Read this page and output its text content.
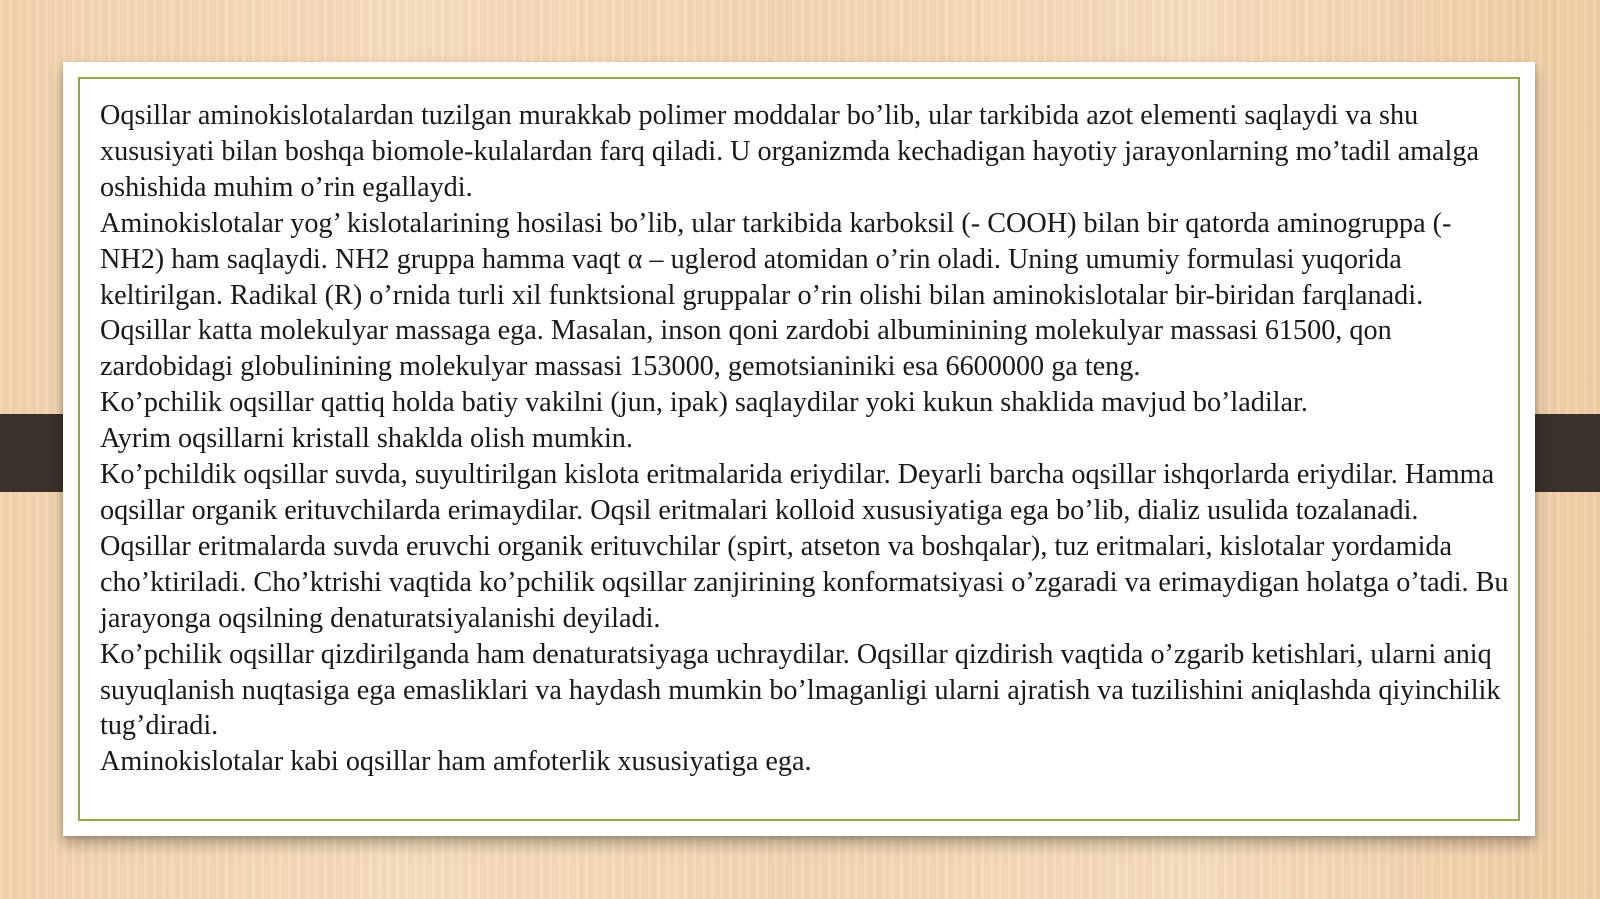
Oqsillar aminokislotalardan tuzilgan murakkab polimer moddalar bo’lib, ular tarkibida azot elementi saqlaydi va shu xususiyati bilan boshqa biomole-kulalardan farq qiladi. U organizmda kechadigan hayotiy jarayonlarning mo’tadil amalga oshishida muhim o’rin egallaydi.

Aminokislotalar yog’ kislotalarining hosilasi bo’lib, ular tarkibida karboksil (- COOH) bilan bir qatorda aminogruppa (- NH2) ham saqlaydi. NH2 gruppa hamma vaqt α – uglerod atomidan o’rin oladi. Uning umumiy formulasi yuqorida keltirilgan. Radikal (R) o’rnida turli xil funktsional gruppalar o’rin olishi bilan aminokislotalar bir-biridan farqlanadi.

Oqsillar katta molekulyar massaga ega. Masalan, inson qoni zardobi albuminining molekulyar massasi 61500, qon zardobidagi globulinining molekulyar massasi 153000, gemotsianiniki esa 6600000 ga teng.

Ko’pchilik oqsillar qattiq holda batiy vakilni (jun, ipak) saqlaydilar yoki kukun shaklida mavjud bo’ladilar.

Ayrim oqsillarni kristall shaklda olish mumkin.

Ko’pchildik oqsillar suvda, suyultirilgan kislota eritmalarida eriydilar. Deyarli barcha oqsillar ishqorlarda eriydilar. Hamma oqsillar organik erituvchilarda erimaydilar. Oqsil eritmalari kolloid xususiyatiga ega bo’lib, dializ usulida tozalanadi. Oqsillar eritmalarda suvda eruvchi organik erituvchilar (spirt, atseton va boshqalar), tuz eritmalari, kislotalar yordamida cho’ktiriladi. Cho’ktrishi vaqtida ko’pchilik oqsillar zanjirining konformatsiyasi o’zgaradi va erimaydigan holatga o’tadi. Bu jarayonga oqsilning denaturatsiyalanishi deyiladi.

Ko’pchilik oqsillar qizdirilganda ham denaturatsiyaga uchraydilar. Oqsillar qizdirish vaqtida o’zgarib ketishlari, ularni aniq suyuqlanish nuqtasiga ega emasliklari va haydash mumkin bo’lmaganligi ularni ajratish va tuzilishini aniqlashda qiyinchilik tug’diradi.

Aminokislotalar kabi oqsillar ham amfoterlik xususiyatiga ega.
